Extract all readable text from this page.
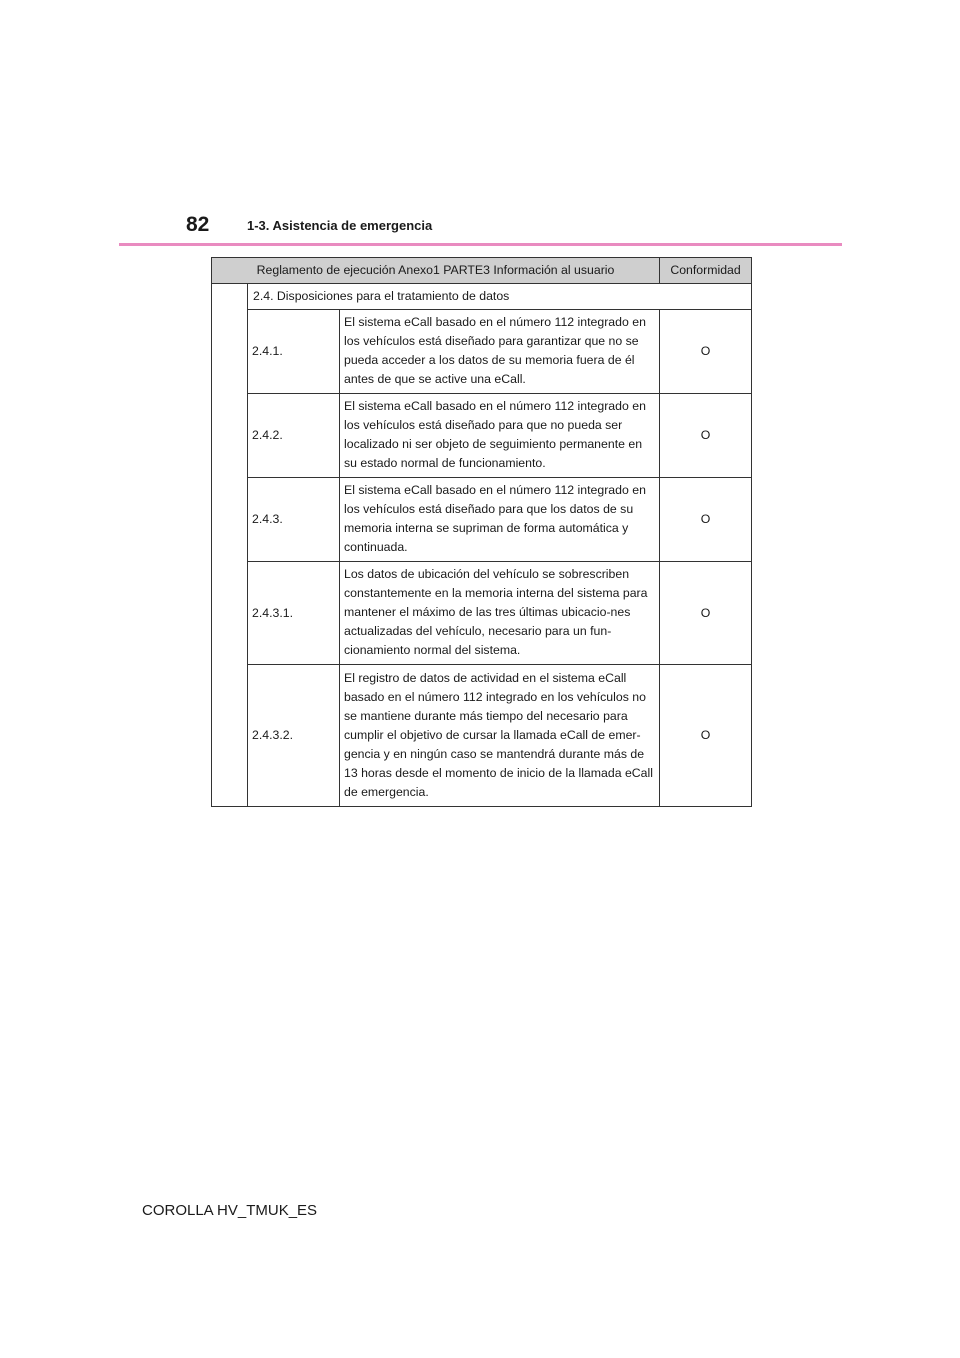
82	1-3. Asistencia de emergencia
Reglamento de ejecución Anexo1 PARTE3 Información al usuario			Conformidad
	2.4. Disposiciones para el tratamiento de datos		
	2.4.1.	El sistema eCall basado en el número 112 integrado en los vehículos está diseñado para garantizar que no se pueda acceder a los datos de su memoria fuera de él antes de que se active una eCall.	O
	2.4.2.	El sistema eCall basado en el número 112 integrado en los vehículos está diseñado para que no pueda ser localizado ni ser objeto de seguimiento permanente en su estado normal de funcionamiento.	O
	2.4.3.	El sistema eCall basado en el número 112 integrado en los vehículos está diseñado para que los datos de su memoria interna se supriman de forma automática y continuada.	O
	2.4.3.1.	Los datos de ubicación del vehículo se sobrescriben constantemente en la memoria interna del sistema para mantener el máximo de las tres últimas ubicacio-nes actualizadas del vehículo, necesario para un fun-cionamiento normal del sistema.	O
	2.4.3.2.	El registro de datos de actividad en el sistema eCall basado en el número 112 integrado en los vehículos no se mantiene durante más tiempo del necesario para cumplir el objetivo de cursar la llamada eCall de emer-gencia y en ningún caso se mantendrá durante más de 13 horas desde el momento de inicio de la llamada eCall de emergencia.	O
COROLLA HV_TMUK_ES
